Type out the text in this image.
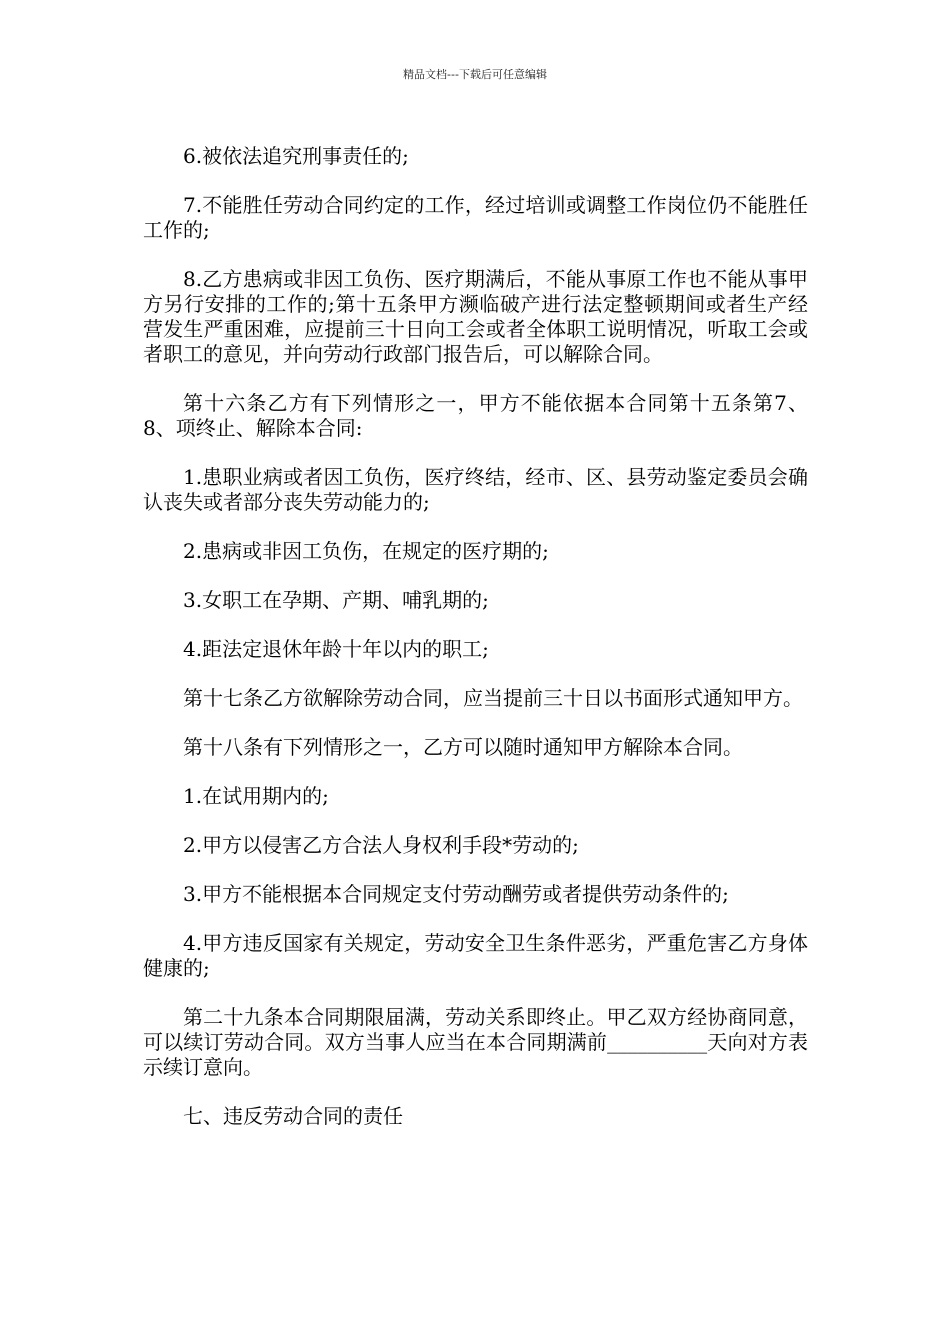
精品文档---下载后可任意编辑

6.被依法追究刑事责任的;

7.不能胜任劳动合同约定的工作，经过培训或调整工作岗位仍不能胜任工作的;

8.乙方患病或非因工负伤、医疗期满后，不能从事原工作也不能从事甲方另行安排的工作的;第十五条甲方濒临破产进行法定整顿期间或者生产经营发生严重困难，应提前三十日向工会或者全体职工说明情况，听取工会或者职工的意见，并向劳动行政部门报告后，可以解除合同。

第十六条乙方有下列情形之一，甲方不能依据本合同第十五条第7、8、项终止、解除本合同:

1.患职业病或者因工负伤，医疗终结，经市、区、县劳动鉴定委员会确认丧失或者部分丧失劳动能力的;

2.患病或非因工负伤，在规定的医疗期的;

3.女职工在孕期、产期、哺乳期的;

4.距法定退休年龄十年以内的职工;

第十七条乙方欲解除劳动合同，应当提前三十日以书面形式通知甲方。

第十八条有下列情形之一，乙方可以随时通知甲方解除本合同。

1.在试用期内的;

2.甲方以侵害乙方合法人身权利手段*劳动的;

3.甲方不能根据本合同规定支付劳动酬劳或者提供劳动条件的;

4.甲方违反国家有关规定，劳动安全卫生条件恶劣，严重危害乙方身体健康的;

第二十九条本合同期限届满，劳动关系即终止。甲乙双方经协商同意，可以续订劳动合同。双方当事人应当在本合同期满前__________天向对方表示续订意向。

七、违反劳动合同的责任
